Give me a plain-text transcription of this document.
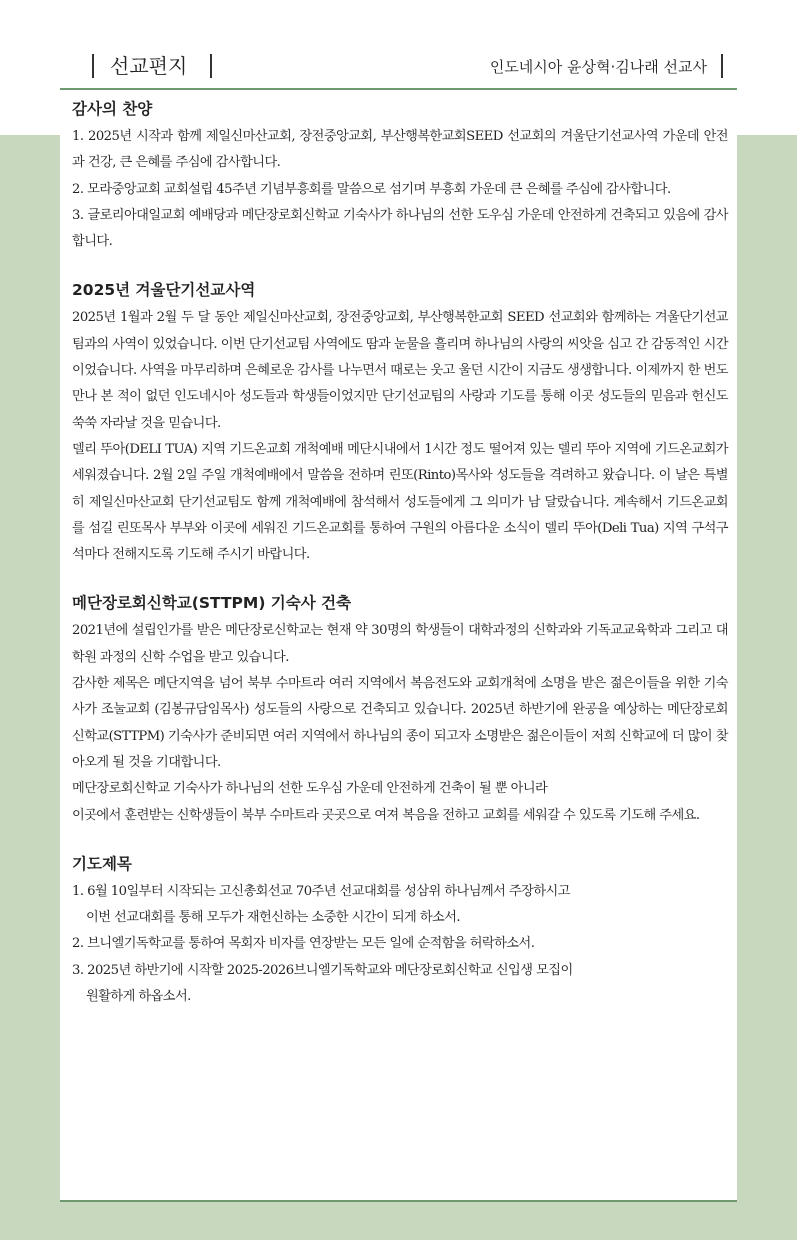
선교편지	인도네시아 윤상혁·김나래 선교사
감사의 찬양

1. 2025년 시작과 함께 제일신마산교회, 장전중앙교회, 부산행복한교회SEED 선교회의 겨울단기선교사역 가운데 안전과 건강, 큰 은혜를 주심에 감사합니다.

2. 모라중앙교회 교회설립 45주년 기념부흥회를 말씀으로 섬기며 부흥회 가운데 큰 은혜를 주심에 감사합니다.

3. 글로리아대일교회 예배당과 메단장로회신학교 기숙사가 하나님의 선한 도우심 가운데 안전하게 건축되고 있음에 감사합니다.

2025년 겨울단기선교사역

2025년 1월과 2월 두 달 동안 제일신마산교회, 장전중앙교회, 부산행복한교회 SEED 선교회와 함께하는 겨울단기선교팀과의 사역이 있었습니다. 이번 단기선교팀 사역에도 땀과 눈물을 흘리며 하나님의 사랑의 씨앗을 심고 간 감동적인 시간이었습니다. 사역을 마무리하며 은혜로운 감사를 나누면서 때로는 웃고 울던 시간이 지금도 생생합니다. 이제까지 한 번도 만나 본 적이 없던 인도네시아 성도들과 학생들이었지만 단기선교팀의 사랑과 기도를 통해 이곳 성도들의 믿음과 헌신도 쑥쑥 자라날 것을 믿습니다.

델리 뚜아(DELI TUA) 지역 기드온교회 개척예배 메단시내에서 1시간 정도 떨어져 있는 델리 뚜아 지역에 기드온교회가 세워졌습니다. 2월 2일 주일 개척예배에서 말씀을 전하며 린또(Rinto)목사와 성도들을 격려하고 왔습니다. 이 날은 특별히 제일신마산교회 단기선교팀도 함께 개척예배에 참석해서 성도들에게 그 의미가 남 달랐습니다. 계속해서 기드온교회를 섬길 린또목사 부부와 이곳에 세워진 기드온교회를 통하여 구원의 아름다운 소식이 델리 뚜아(Deli Tua) 지역 구석구석마다 전해지도록 기도해 주시기 바랍니다.

메단장로회신학교(STTPM) 기숙사 건축

2021년에 설립인가를 받은 메단장로신학교는 현재 약 30명의 학생들이 대학과정의 신학과와 기독교교육학과 그리고 대학원 과정의 신학 수업을 받고 있습니다.

감사한 제목은 메단지역을 넘어 북부 수마트라 여러 지역에서 복음전도와 교회개척에 소명을 받은 젊은이들을 위한 기숙사가 조눌교회 (김봉규담임목사) 성도들의 사랑으로 건축되고 있습니다. 2025년 하반기에 완공을 예상하는 메단장로회신학교(STTPM) 기숙사가 준비되면 여러 지역에서 하나님의 종이 되고자 소명받은 젊은이들이 저희 신학교에 더 많이 찾아오게 될 것을 기대합니다.

메단장로회신학교 기숙사가 하나님의 선한 도우심 가운데 안전하게 건축이 될 뿐 아니라

이곳에서 훈련받는 신학생들이 북부 수마트라 곳곳으로 여져 복음을 전하고 교회를 세워갈 수 있도록 기도해 주세요.

기도제목

1. 6월 10일부터 시작되는 고신총회선교 70주년 선교대회를 성삼위 하나님께서 주장하시고
이번 선교대회를 통해 모두가 재헌신하는 소중한 시간이 되게 하소서.

2. 브니엘기독학교를 통하여 목회자 비자를 연장받는 모든 일에 순적함을 허락하소서.

3. 2025년 하반기에 시작할 2025-2026브니엘기독학교와 메단장로회신학교 신입생 모집이
원활하게 하옵소서.
